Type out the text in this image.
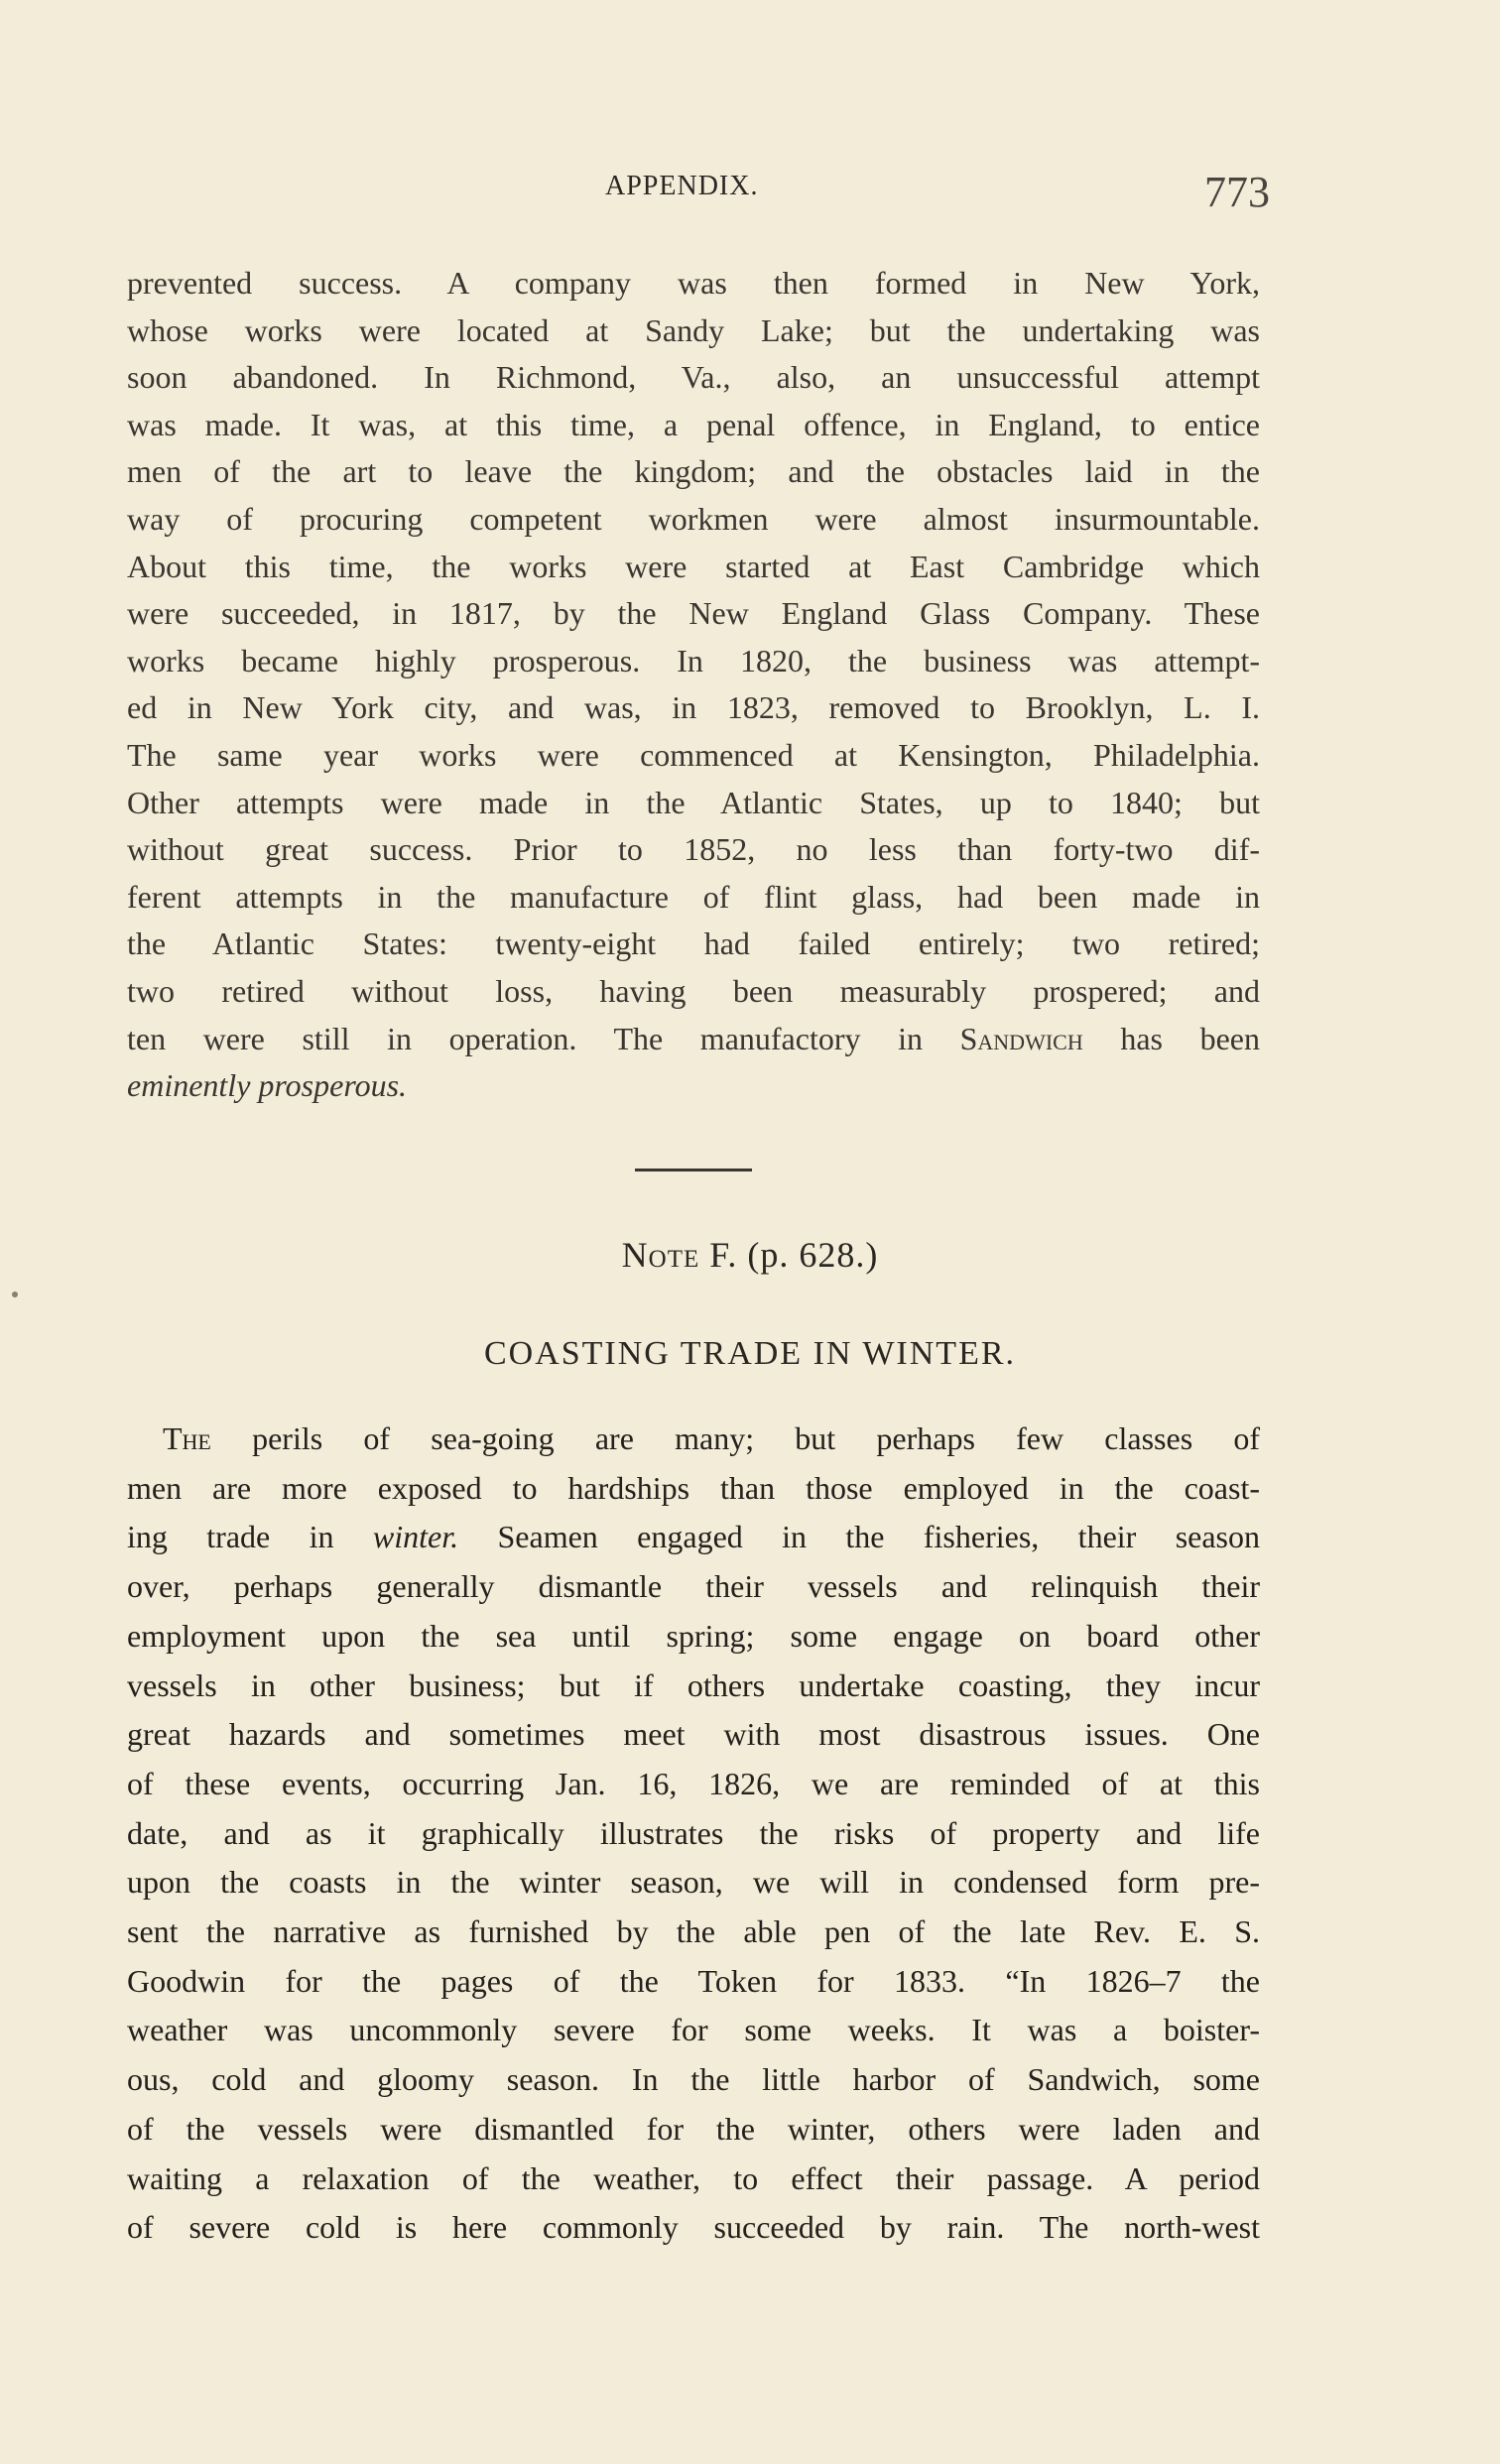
APPENDIX.	773
prevented success. A company was then formed in New York,
whose works were located at Sandy Lake; but the undertaking was
soon abandoned. In Richmond, Va., also, an unsuccessful attempt
was made. It was, at this time, a penal offence, in England, to entice
men of the art to leave the kingdom; and the obstacles laid in the
way of procuring competent workmen were almost insurmountable.
About this time, the works were started at East Cambridge which
were succeeded, in 1817, by the New England Glass Company. These
works became highly prosperous. In 1820, the business was attempt-
ed in New York city, and was, in 1823, removed to Brooklyn, L. I.
The same year works were commenced at Kensington, Philadelphia.
Other attempts were made in the Atlantic States, up to 1840; but
without great success. Prior to 1852, no less than forty-two dif-
ferent attempts in the manufacture of flint glass, had been made in
the Atlantic States: twenty-eight had failed entirely; two retired;
two retired without loss, having been measurably prospered; and
ten were still in operation. The manufactory in Sandwich has been
eminently prosperous.
Note F. (p. 628.)
COASTING TRADE IN WINTER.
The perils of sea-going are many; but perhaps few classes of
men are more exposed to hardships than those employed in the coast-
ing trade in winter. Seamen engaged in the fisheries, their season
over, perhaps generally dismantle their vessels and relinquish their
employment upon the sea until spring; some engage on board other
vessels in other business; but if others undertake coasting, they incur
great hazards and sometimes meet with most disastrous issues. One
of these events, occurring Jan. 16, 1826, we are reminded of at this
date, and as it graphically illustrates the risks of property and life
upon the coasts in the winter season, we will in condensed form pre-
sent the narrative as furnished by the able pen of the late Rev. E. S.
Goodwin for the pages of the Token for 1833. “In 1826–7 the
weather was uncommonly severe for some weeks. It was a boister-
ous, cold and gloomy season. In the little harbor of Sandwich, some
of the vessels were dismantled for the winter, others were laden and
waiting a relaxation of the weather, to effect their passage. A period
of severe cold is here commonly succeeded by rain. The north-west
